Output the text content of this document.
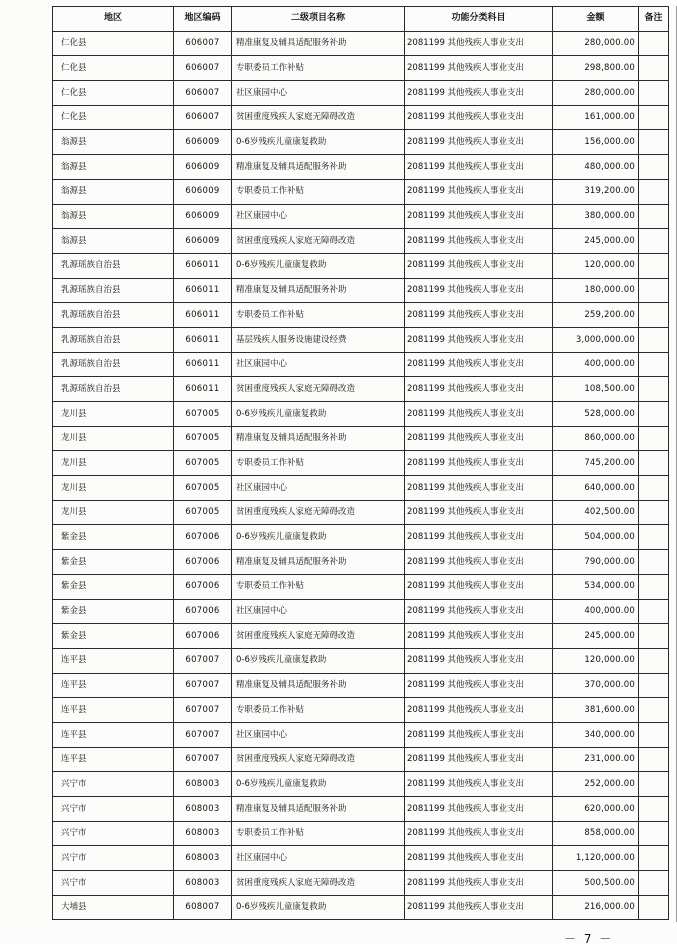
地区	地区编码	二级项目名称	功能分类科目	金额	备注
仁化县	606007	精准康复及辅具适配服务补助	2081199 其他残疾人事业支出	280,000.00	
仁化县	606007	专职委员工作补贴	2081199 其他残疾人事业支出	298,800.00	
仁化县	606007	社区康园中心	2081199 其他残疾人事业支出	280,000.00	
仁化县	606007	贫困重度残疾人家庭无障碍改造	2081199 其他残疾人事业支出	161,000.00	
翁源县	606009	0-6岁残疾儿童康复救助	2081199 其他残疾人事业支出	156,000.00	
翁源县	606009	精准康复及辅具适配服务补助	2081199 其他残疾人事业支出	480,000.00	
翁源县	606009	专职委员工作补贴	2081199 其他残疾人事业支出	319,200.00	
翁源县	606009	社区康园中心	2081199 其他残疾人事业支出	380,000.00	
翁源县	606009	贫困重度残疾人家庭无障碍改造	2081199 其他残疾人事业支出	245,000.00	
乳源瑶族自治县	606011	0-6岁残疾儿童康复救助	2081199 其他残疾人事业支出	120,000.00	
乳源瑶族自治县	606011	精准康复及辅具适配服务补助	2081199 其他残疾人事业支出	180,000.00	
乳源瑶族自治县	606011	专职委员工作补贴	2081199 其他残疾人事业支出	259,200.00	
乳源瑶族自治县	606011	基层残疾人服务设施建设经费	2081199 其他残疾人事业支出	3,000,000.00	
乳源瑶族自治县	606011	社区康园中心	2081199 其他残疾人事业支出	400,000.00	
乳源瑶族自治县	606011	贫困重度残疾人家庭无障碍改造	2081199 其他残疾人事业支出	108,500.00	
龙川县	607005	0-6岁残疾儿童康复救助	2081199 其他残疾人事业支出	528,000.00	
龙川县	607005	精准康复及辅具适配服务补助	2081199 其他残疾人事业支出	860,000.00	
龙川县	607005	专职委员工作补贴	2081199 其他残疾人事业支出	745,200.00	
龙川县	607005	社区康园中心	2081199 其他残疾人事业支出	640,000.00	
龙川县	607005	贫困重度残疾人家庭无障碍改造	2081199 其他残疾人事业支出	402,500.00	
紫金县	607006	0-6岁残疾儿童康复救助	2081199 其他残疾人事业支出	504,000.00	
紫金县	607006	精准康复及辅具适配服务补助	2081199 其他残疾人事业支出	790,000.00	
紫金县	607006	专职委员工作补贴	2081199 其他残疾人事业支出	534,000.00	
紫金县	607006	社区康园中心	2081199 其他残疾人事业支出	400,000.00	
紫金县	607006	贫困重度残疾人家庭无障碍改造	2081199 其他残疾人事业支出	245,000.00	
连平县	607007	0-6岁残疾儿童康复救助	2081199 其他残疾人事业支出	120,000.00	
连平县	607007	精准康复及辅具适配服务补助	2081199 其他残疾人事业支出	370,000.00	
连平县	607007	专职委员工作补贴	2081199 其他残疾人事业支出	381,600.00	
连平县	607007	社区康园中心	2081199 其他残疾人事业支出	340,000.00	
连平县	607007	贫困重度残疾人家庭无障碍改造	2081199 其他残疾人事业支出	231,000.00	
兴宁市	608003	0-6岁残疾儿童康复救助	2081199 其他残疾人事业支出	252,000.00	
兴宁市	608003	精准康复及辅具适配服务补助	2081199 其他残疾人事业支出	620,000.00	
兴宁市	608003	专职委员工作补贴	2081199 其他残疾人事业支出	858,000.00	
兴宁市	608003	社区康园中心	2081199 其他残疾人事业支出	1,120,000.00	
兴宁市	608003	贫困重度残疾人家庭无障碍改造	2081199 其他残疾人事业支出	500,500.00	
大埔县	608007	0-6岁残疾儿童康复救助	2081199 其他残疾人事业支出	216,000.00	
－ 7 －
